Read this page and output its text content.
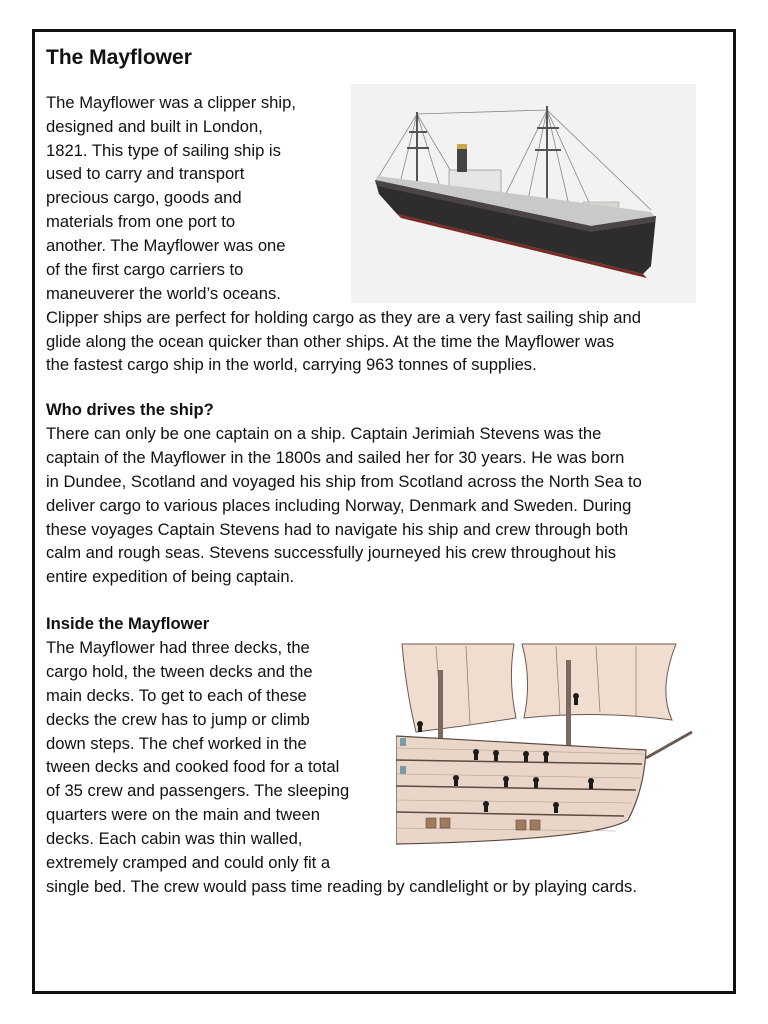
The Mayflower
The Mayflower was a clipper ship,
designed and built in London,
1821. This type of sailing ship is
used to carry and transport
precious cargo, goods and
materials from one port to
another. The Mayflower was one
of the first cargo carriers to
maneuverer the world’s oceans.
Clipper ships are perfect for holding cargo as they are a very fast sailing ship and
glide along the ocean quicker than other ships. At the time the Mayflower was
the fastest cargo ship in the world, carrying 963 tonnes of supplies.
Who drives the ship?
There can only be one captain on a ship. Captain Jerimiah Stevens was the
captain of the Mayflower in the 1800s and sailed her for 30 years. He was born
in Dundee, Scotland and voyaged his ship from Scotland across the North Sea to
deliver cargo to various places including Norway, Denmark and Sweden. During
these voyages Captain Stevens had to navigate his ship and crew through both
calm and rough seas. Stevens successfully journeyed his crew throughout his
entire expedition of being captain.
Inside the Mayflower
The Mayflower had three decks, the
cargo hold, the tween decks and the
main decks. To get to each of these
decks the crew has to jump or climb
down steps. The chef worked in the
tween decks and cooked food for a total
of 35 crew and passengers. The sleeping
quarters were on the main and tween
decks. Each cabin was thin walled,
extremely cramped and could only fit a
single bed. The crew would pass time reading by candlelight or by playing cards.
